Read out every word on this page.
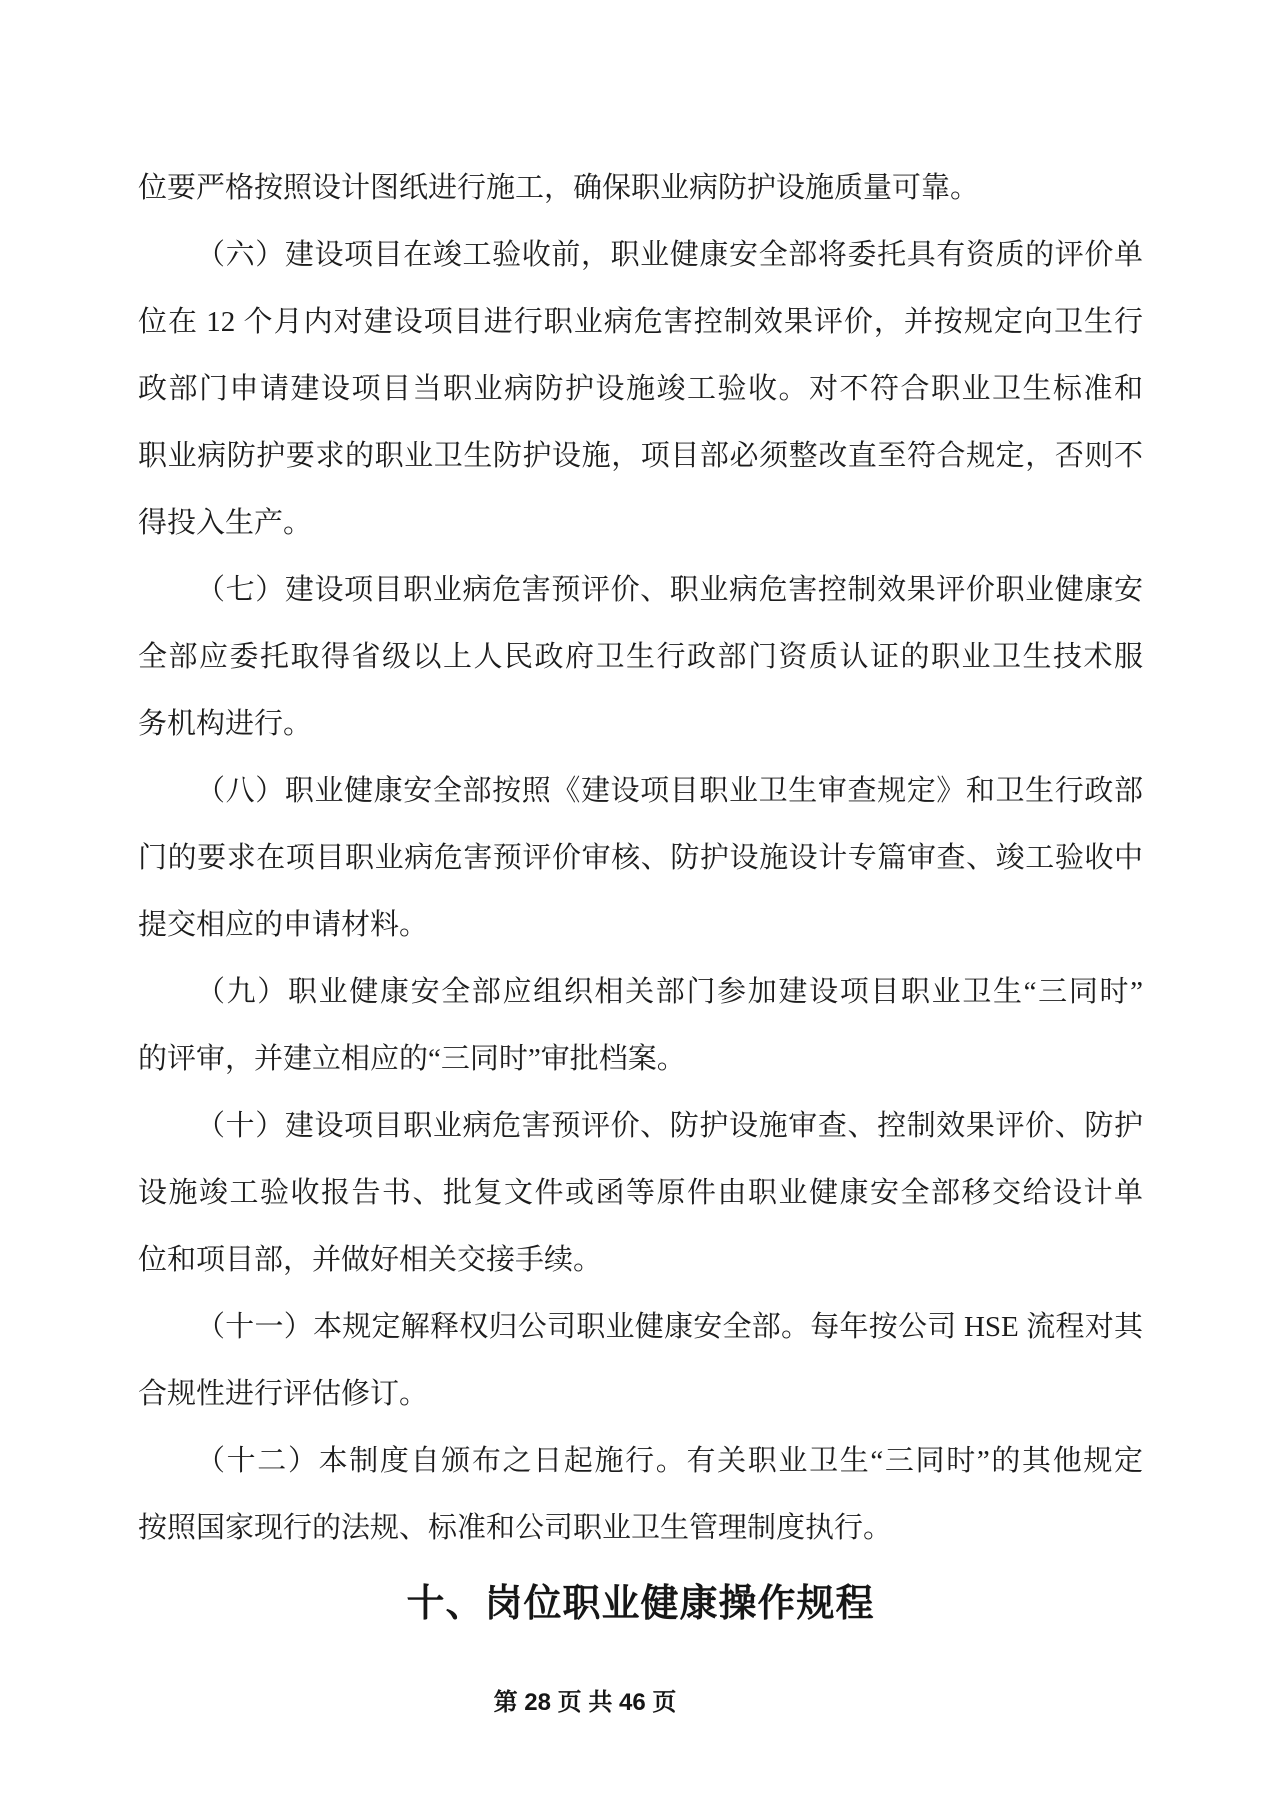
位要严格按照设计图纸进行施工，确保职业病防护设施质量可靠。
（六）建设项目在竣工验收前，职业健康安全部将委托具有资质的评价单
位在 12 个月内对建设项目进行职业病危害控制效果评价，并按规定向卫生行
政部门申请建设项目当职业病防护设施竣工验收。对不符合职业卫生标准和
职业病防护要求的职业卫生防护设施，项目部必须整改直至符合规定，否则不
得投入生产。
（七）建设项目职业病危害预评价、职业病危害控制效果评价职业健康安
全部应委托取得省级以上人民政府卫生行政部门资质认证的职业卫生技术服
务机构进行。
（八）职业健康安全部按照《建设项目职业卫生审查规定》和卫生行政部
门的要求在项目职业病危害预评价审核、防护设施设计专篇审查、竣工验收中
提交相应的申请材料。
（九）职业健康安全部应组织相关部门参加建设项目职业卫生“三同时”
的评审，并建立相应的“三同时”审批档案。
（十）建设项目职业病危害预评价、防护设施审查、控制效果评价、防护
设施竣工验收报告书、批复文件或函等原件由职业健康安全部移交给设计单
位和项目部，并做好相关交接手续。
（十一）本规定解释权归公司职业健康安全部。每年按公司 HSE 流程对其
合规性进行评估修订。
（十二）本制度自颁布之日起施行。有关职业卫生“三同时”的其他规定
按照国家现行的法规、标准和公司职业卫生管理制度执行。
十、岗位职业健康操作规程
第 28 页 共 46 页
